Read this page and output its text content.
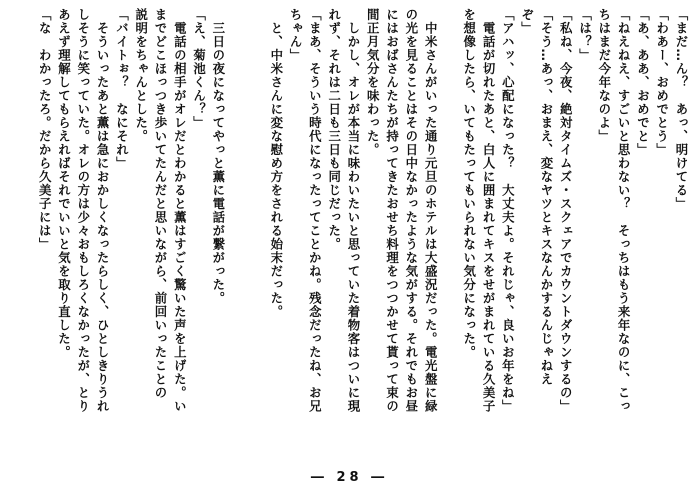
「まだ…ん？　あっ、明けてる」

「わあー、おめでとう」

「あ、ああ、おめでと」

「ねえねえ、すごいと思わない？　そっちはもう来年なのに、こっ

ちはまだ今年なのよ」

「は？」

「私ね、今夜、絶対タイムズ・スクェアでカウントダウンするの」

「そう…あっ、おまえ、変なヤツとキスなんかするんじゃねえ

ぞ」

「アハッ、心配になった？　大丈夫よ。それじゃ、良いお年をね」

　電話が切れたあと、白人に囲まれてキスをせがまれている久美子

を想像したら、いてもたってもいられない気分になった。

　中米さんがいった通り元旦のホテルは大盛況だった。電光盤に緑

の光を見ることはその日中なかったような気がする。それでもお昼

にはおばさんたちが持ってきたおせち料理をつつかせて貰って束の

間正月気分を味わった。

　しかし、オレが本当に味わいたいと思っていた着物客はついに現

れず、それは二日も三日も同じだった。

「まあ、そういう時代になったってことかね。残念だったね、お兄

ちゃん」

　と、中米さんに変な慰め方をされる始末だった。

　三日の夜になってやっと薫に電話が繋がった。

「え、菊池くん？」

　電話の相手がオレだとわかると薫はすごく驚いた声を上げた。い

までどこほっつき歩いてたんだと思いながら、前回いったことの

説明をちゃんとした。

「バイトぉ？　なにそれ」

　そういったあと薫は急におかしくなったらしく、ひとしきりうれ

しそうに笑っていた。オレの方は少々おもしろくなかったが、とり

あえず理解してもらえればそれでいいと気を取り直した。

「な　わかったろ。だから久美子には」

― 28 ―
